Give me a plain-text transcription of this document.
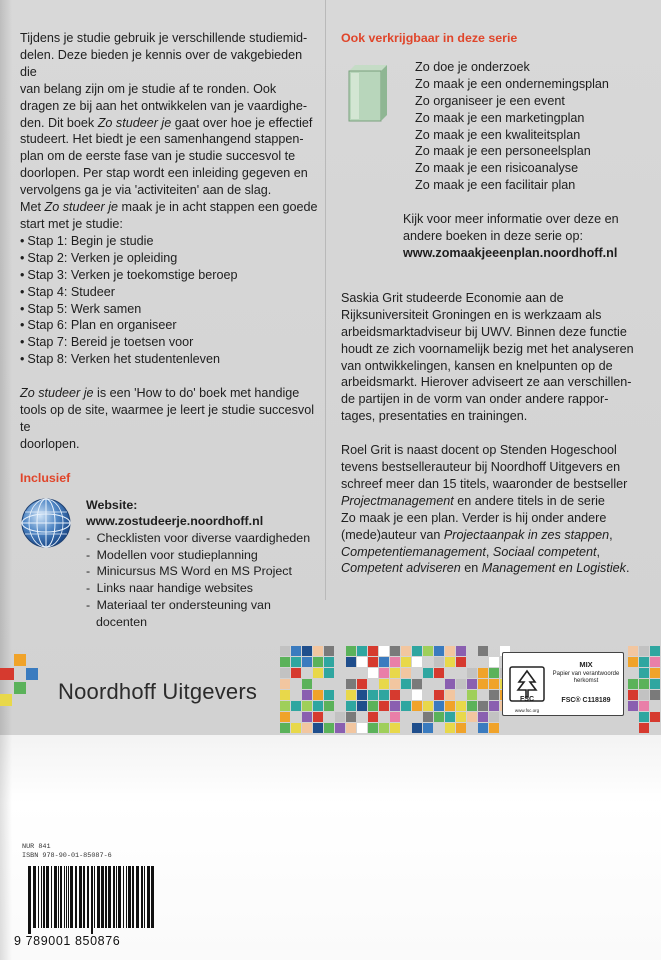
Tijdens je studie gebruik je verschillende studiemid-
delen. Deze bieden je kennis over de vakgebieden die
van belang zijn om je studie af te ronden. Ook
dragen ze bij aan het ontwikkelen van je vaardighe-
den. Dit boek Zo studeer je gaat over hoe je effectief
studeert. Het biedt je een samenhangend stappen-
plan om de eerste fase van je studie succesvol te
doorlopen. Per stap wordt een inleiding gegeven en
vervolgens ga je via 'activiteiten' aan de slag.
Met Zo studeer je maak je in acht stappen een goede
start met je studie:

• Stap 1: Begin je studie
• Stap 2: Verken je opleiding
• Stap 3: Verken je toekomstige beroep
• Stap 4: Studeer
• Stap 5: Werk samen
• Stap 6: Plan en organiseer
• Stap 7: Bereid je toetsen voor
• Stap 8: Verken het studentenleven

Zo studeer je is een 'How to do' boek met handige
tools op de site, waarmee je leert je studie succesvol te
doorlopen.

Inclusief
Website:
www.zostudeerje.noordhoff.nl
- Checklisten voor diverse vaardigheden
- Modellen voor studieplanning
- Minicursus MS Word en MS Project
- Links naar handige websites
- Materiaal ter ondersteuning van docenten
Ook verkrijgbaar in deze serie
Zo doe je onderzoek
Zo maak je een ondernemingsplan
Zo organiseer je een event
Zo maak je een marketingplan
Zo maak je een kwaliteitsplan
Zo maak je een personeelsplan
Zo maak je een risicoanalyse
Zo maak je een facilitair plan
Kijk voor meer informatie over deze en
andere boeken in deze serie op:
www.zomaakjeeenplan.noordhoff.nl

Saskia Grit studeerde Economie aan de
Rijksuniversiteit Groningen en is werkzaam als
arbeidsmarktadviseur bij UWV. Binnen deze functie
houdt ze zich voornamelijk bezig met het analyseren
van ontwikkelingen, kansen en knelpunten op de
arbeidsmarkt. Hierover adviseert ze aan verschillen-
de partijen in de vorm van onder andere rappor-
tages, presentaties en trainingen.

Roel Grit is naast docent op Stenden Hogeschool
tevens bestsellerauteur bij Noordhoff Uitgevers en
schreef meer dan 15 titels, waaronder de bestseller
Projectmanagement en andere titels in de serie
Zo maak je een plan. Verder is hij onder andere
(mede)auteur van Projectaanpak in zes stappen,
Competentiemanagement, Sociaal competent,
Competent adviseren en Management en Logistiek.

Noordhoff Uitgevers	FSC
MIX
Papier van verantwoorde herkomst
FSC® C118189
www.fsc.org
NUR 841
ISBN 978-90-01-85087-6
9 789001 850876
